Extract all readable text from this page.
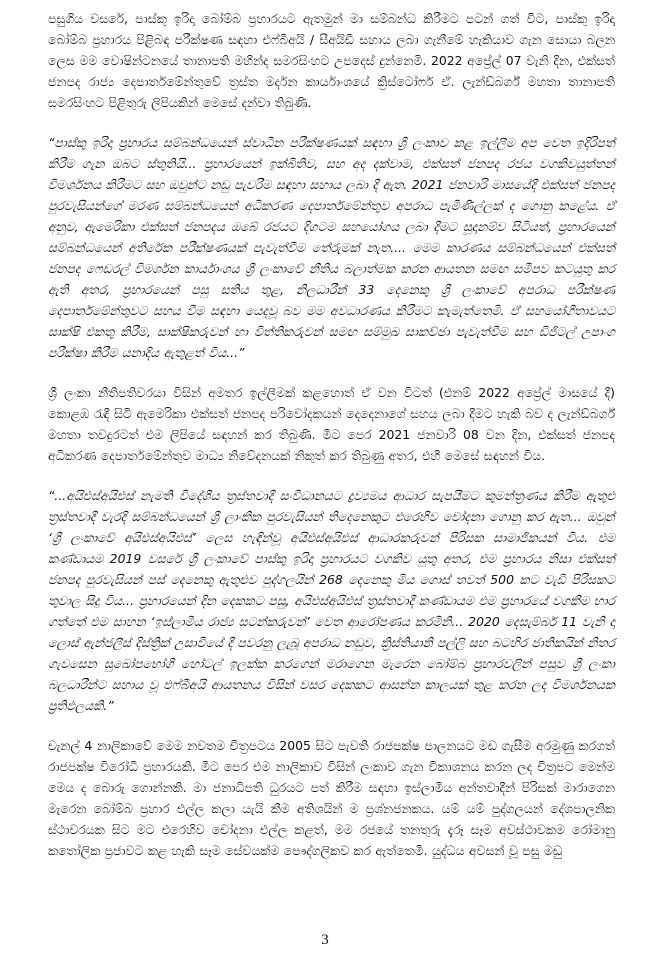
පසුගිය වසරේ, පාස්කු ඉරිදා බෝම්බ ප්‍රහාරයට ඇතමුන් මා සම්බන්ධ කිරීමට පටන් ගත් විට, පාස්කු ඉරිදා බෝම්බ ප්‍රහාරය පිළිබඳ පරීක්ෂණ සඳහා එෆ්බීඅයි / සීඅයිඩී සහාය ලබා ගැනීමේ හැකියාව ගැන සොයා බලන ලෙස මම වොෂින්ටනයේ තානාපති මහින්ද සමරසිංහට උපදෙස් දුන්නෙමි. 2022 අප්‍රේල් 07 වැනි දින, එක්සත් ජනපද රාජ්‍ය දෙපාර්තමේන්තුවේ ත්‍රස්ත මර්දන කාර්යාංශයේ ක්‍රිස්ටෝෆර් ඒ. ලැන්ඩ්බර්ග් මහතා තානාපති සමරසිංහට පිළිතුරු ලිපියකින් මෙසේ දන්වා තිබුණි.

“පාස්කු ඉරිදා ප්‍රහාරය සම්බන්ධයෙන් ස්වාධීන පරීක්ෂණයක් සඳහා ශ්‍රී ලංකාව කළ ඉල්ලීම අප වෙත ඉදිරිපත් කිරීම ගැන ඔබට ස්තුතියි... ප්‍රහාරයෙන් ඉක්බිතිව, සහ අද දක්වාම, එක්සත් ජනපද රජය වගකිවයුත්තන් විමර්ශනය කිරීමට සහ ඔවුන්ට නඩු පැවරීම සඳහා සහාය ලබා දී ඇත. 2021 ජනවාරි මාසයේදී එක්සත් ජනපද පුරවැසියන්ගේ මරණ සම්බන්ධයෙන් අධිකරණ දෙපාර්තමේන්තුව අපරාධ පැමිණිල්ලක් ද ගොනු කළේය. ඒ අනුව, ඇමෙරිකා එක්සත් ජනපදය ඔබේ රජයට දිගටම සහයෝගය ලබා දීමට සූදානම්ව සිටියත්, ප්‍රහාරයෙන් සම්බන්ධයෙන් අතිරේක පරීක්ෂණයක් පැවැත්වීම තේරුමක් නැත.... මෙම කාරණය සම්බන්ධයෙන් එක්සත් ජනපද ෆෙඩරල් විමර්ශන කාර්යාංශය ශ්‍රී ලංකාවේ නීතිය බලාත්මක කරන ආයතන සමඟ සමීපව කටයුතු කර ඇති අතර, ප්‍රහාරයෙන් පසු සතිය තුළ, නිලධාරීන් 33 දෙනෙකු ශ්‍රී ලංකාවේ අපරාධ පරීක්ෂණ දෙපාර්තමේන්තුවට සහය වීම සඳහා යෙදවූ බව මම අවධාරණය කිරීමට කැමැත්තෙමි. ඒ සහයෝගීතාවයට සාක්ෂි එකතු කිරීම, සාක්ෂිකරුවන් හා විත්තිකරුවන් සමඟ සම්මුඛ සාකච්ඡා පැවැත්වීම සහ ඩිජිටල් උපාංග පරීක්ෂා කිරීම යනාදිය ඇතුළත් විය...”

ශ්‍රී ලංකා නීතිපතිවරයා විසින් අමතර ඉල්ලීමක් කළහොත් ඒ වන විටත් (එනම් 2022 අප්‍රේල් මාසයේ දී) කොළඹ රැඳී සිටි ඇමෙරිකා එක්සත් ජනපද පරිවෝදකයන් දෙදෙනාගේ සහය ලබා දීමට හැකි බව ද ලැන්ඩ්බර්ග් මහතා තවදුරටත් එම ලිපියේ සඳහන් කර තිබුණි. මීට පෙර 2021 ජනවාරි 08 වන දින, එක්සත් ජනපද අධිකරණ දෙපාර්තමේන්තුව මාධ්‍ය නිවේදනයක් නිකුත් කර තිබුණු අතර, එහි මෙසේ සඳහන් විය.

“...අයිඑස්අයිඑස් නැමති විදේශීය ත්‍රස්තවාදී සංවිධානයට ද්‍රව්‍යමය ආධාර සැපයීමට කුමන්ත්‍රණය කිරීම ඇතුළු ත්‍රස්තවාදී වැරදි සම්බන්ධයෙන් ශ්‍රී ලාංකික පුරවැසියන් තිදෙනෙකුට එරෙහිව චෝදනා ගොනු කර ඇත... ඔවුන් ‘ශ්‍රී ලංකාවේ අයිඑස්අයිඑස්’ ලෙස හැඳින්වූ අයිඑස්අයිඑස් ආධාරකරුවන් පිරිසක සාමාජිකයන් විය. එම කණ්ඩායම 2019 වසරේ ශ්‍රී ලංකාවේ පාස්කු ඉරිදා ප්‍රහාරයට වගකිව යුතු අතර, එම ප්‍රහාරය නිසා එක්සත් ජනපද පුරවැසියන් පස් දෙනෙකු ඇතුළුව පුද්ගලයින් 268 දෙනෙකු මිය ගොස් තවත් 500 කට වැඩි පිරිසකට තුවාල සිදු විය... ප්‍රහාරයෙන් දින දෙකකට පසු, අයිඑස්අයිඑස් ත්‍රස්තවාදී කණ්ඩායම එම ප්‍රහාරයේ වගකීම භාර ගත්තේ එම සාහන ‘ඉස්ලාමීය රාජ්‍ය සටන්කරුවන්’ වෙත ආරෝපණය කරමිනි... 2020 දෙසැම්බර් 11 වැනි දා ලොස් ඇන්ජලීස් දිස්ත්‍රික් උසාවියේ දී පවරනු ලැබූ අපරාධ නඩුව, ක්‍රිස්තියානි පල්ලි සහ බටහිර ජාතිකයින් නිතර ගැවසෙන සුඛෝපභෝගී හෝටල් ඉලක්ක කරගෙන් මරාගෙන මැරෙන බෝම්බ ප්‍රහාරවලින් පසුව ශ්‍රී ලංකා බලධාරීන්ට සහාය වූ එෆ්බීඅයි ආයතනය විසින් වසර දෙකකට ආසන්න කාලයක් තුළ කරන ලද විමර්ශනයක ප්‍රතිඵලයකි.”

චැනල් 4 නාලිකාවේ මෙම නවතම චිත්‍රපටය 2005 සිට පැවති රාජපක්ෂ පාලනයට මඩ ගැසීම අරමුණු කරගත් රාජපක්ෂ විරෝධී ප්‍රහාරයකි. මීට පෙර එම නාලිකාව විසින් ලංකාව ගැන විකාශනය කරන ලද චිත්‍රපට මෙන්ම මෙය ද බොරු ගොන්නකි. මා ජනාධිපති ධුරයට පත් කිරීම සඳහා ඉස්ලාමීය අන්තවාදීන් පිරිසක් මාරාගෙන මැරෙන බෝම්බ ප්‍රහාර එල්ල කලා යැයි කීම අතිශයින් ම ප්‍රශ්නජනකය. යම් යම් පුද්ගලයන් දේශපාලනික ස්ථාවරයක සිට මට එරෙහිව චෝදනා එල්ල කළත්, මම රජයේ තනතුරු දැරූ සෑම අවස්ථාවකම රෝමානු කතෝලික ප්‍රජාවට කළ හැකි සෑම සේවයක්ම පෞද්ගලිකව කර ඇත්තෙමි. යුද්ධය අවසන් වූ පසු මඩු

3
